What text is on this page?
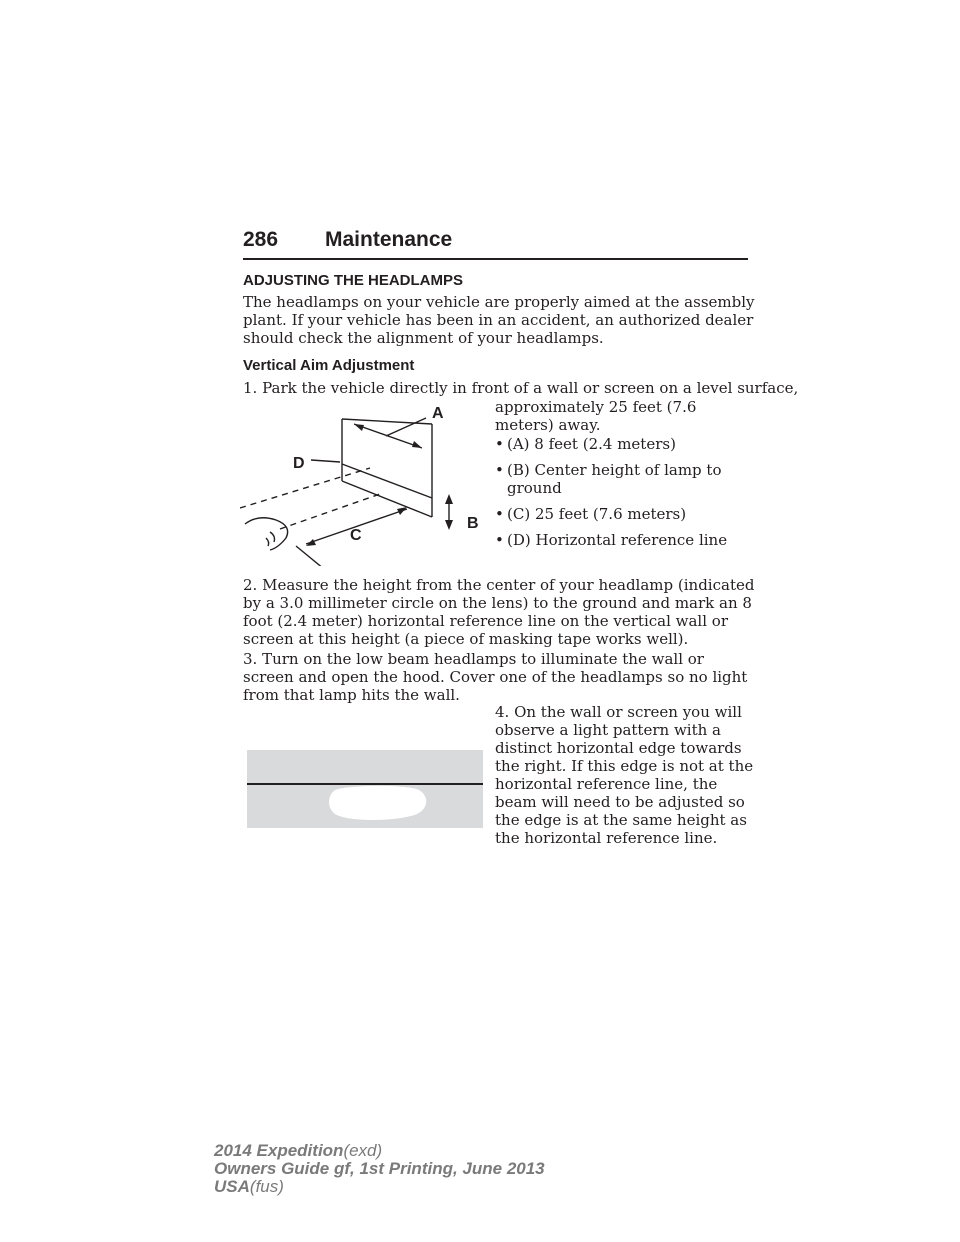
286 Maintenance
ADJUSTING THE HEADLAMPS
The headlamps on your vehicle are properly aimed at the assembly plant. If your vehicle has been in an accident, an authorized dealer should check the alignment of your headlamps.
Vertical Aim Adjustment
1. Park the vehicle directly in front of a wall or screen on a level surface,
approximately 25 feet (7.6 meters) away.
A
B
C
D
• (A) 8 feet (2.4 meters)
• (B) Center height of lamp to ground
• (C) 25 feet (7.6 meters)
• (D) Horizontal reference line
2. Measure the height from the center of your headlamp (indicated by a 3.0 millimeter circle on the lens) to the ground and mark an 8 foot (2.4 meter) horizontal reference line on the vertical wall or screen at this height (a piece of masking tape works well).
3. Turn on the low beam headlamps to illuminate the wall or screen and open the hood. Cover one of the headlamps so no light from that lamp hits the wall.
4. On the wall or screen you will observe a light pattern with a distinct horizontal edge towards the right. If this edge is not at the horizontal reference line, the beam will need to be adjusted so the edge is at the same height as the horizontal reference line.
2014 Expedition(exd)
Owners Guide gf, 1st Printing, June 2013
USA(fus)
